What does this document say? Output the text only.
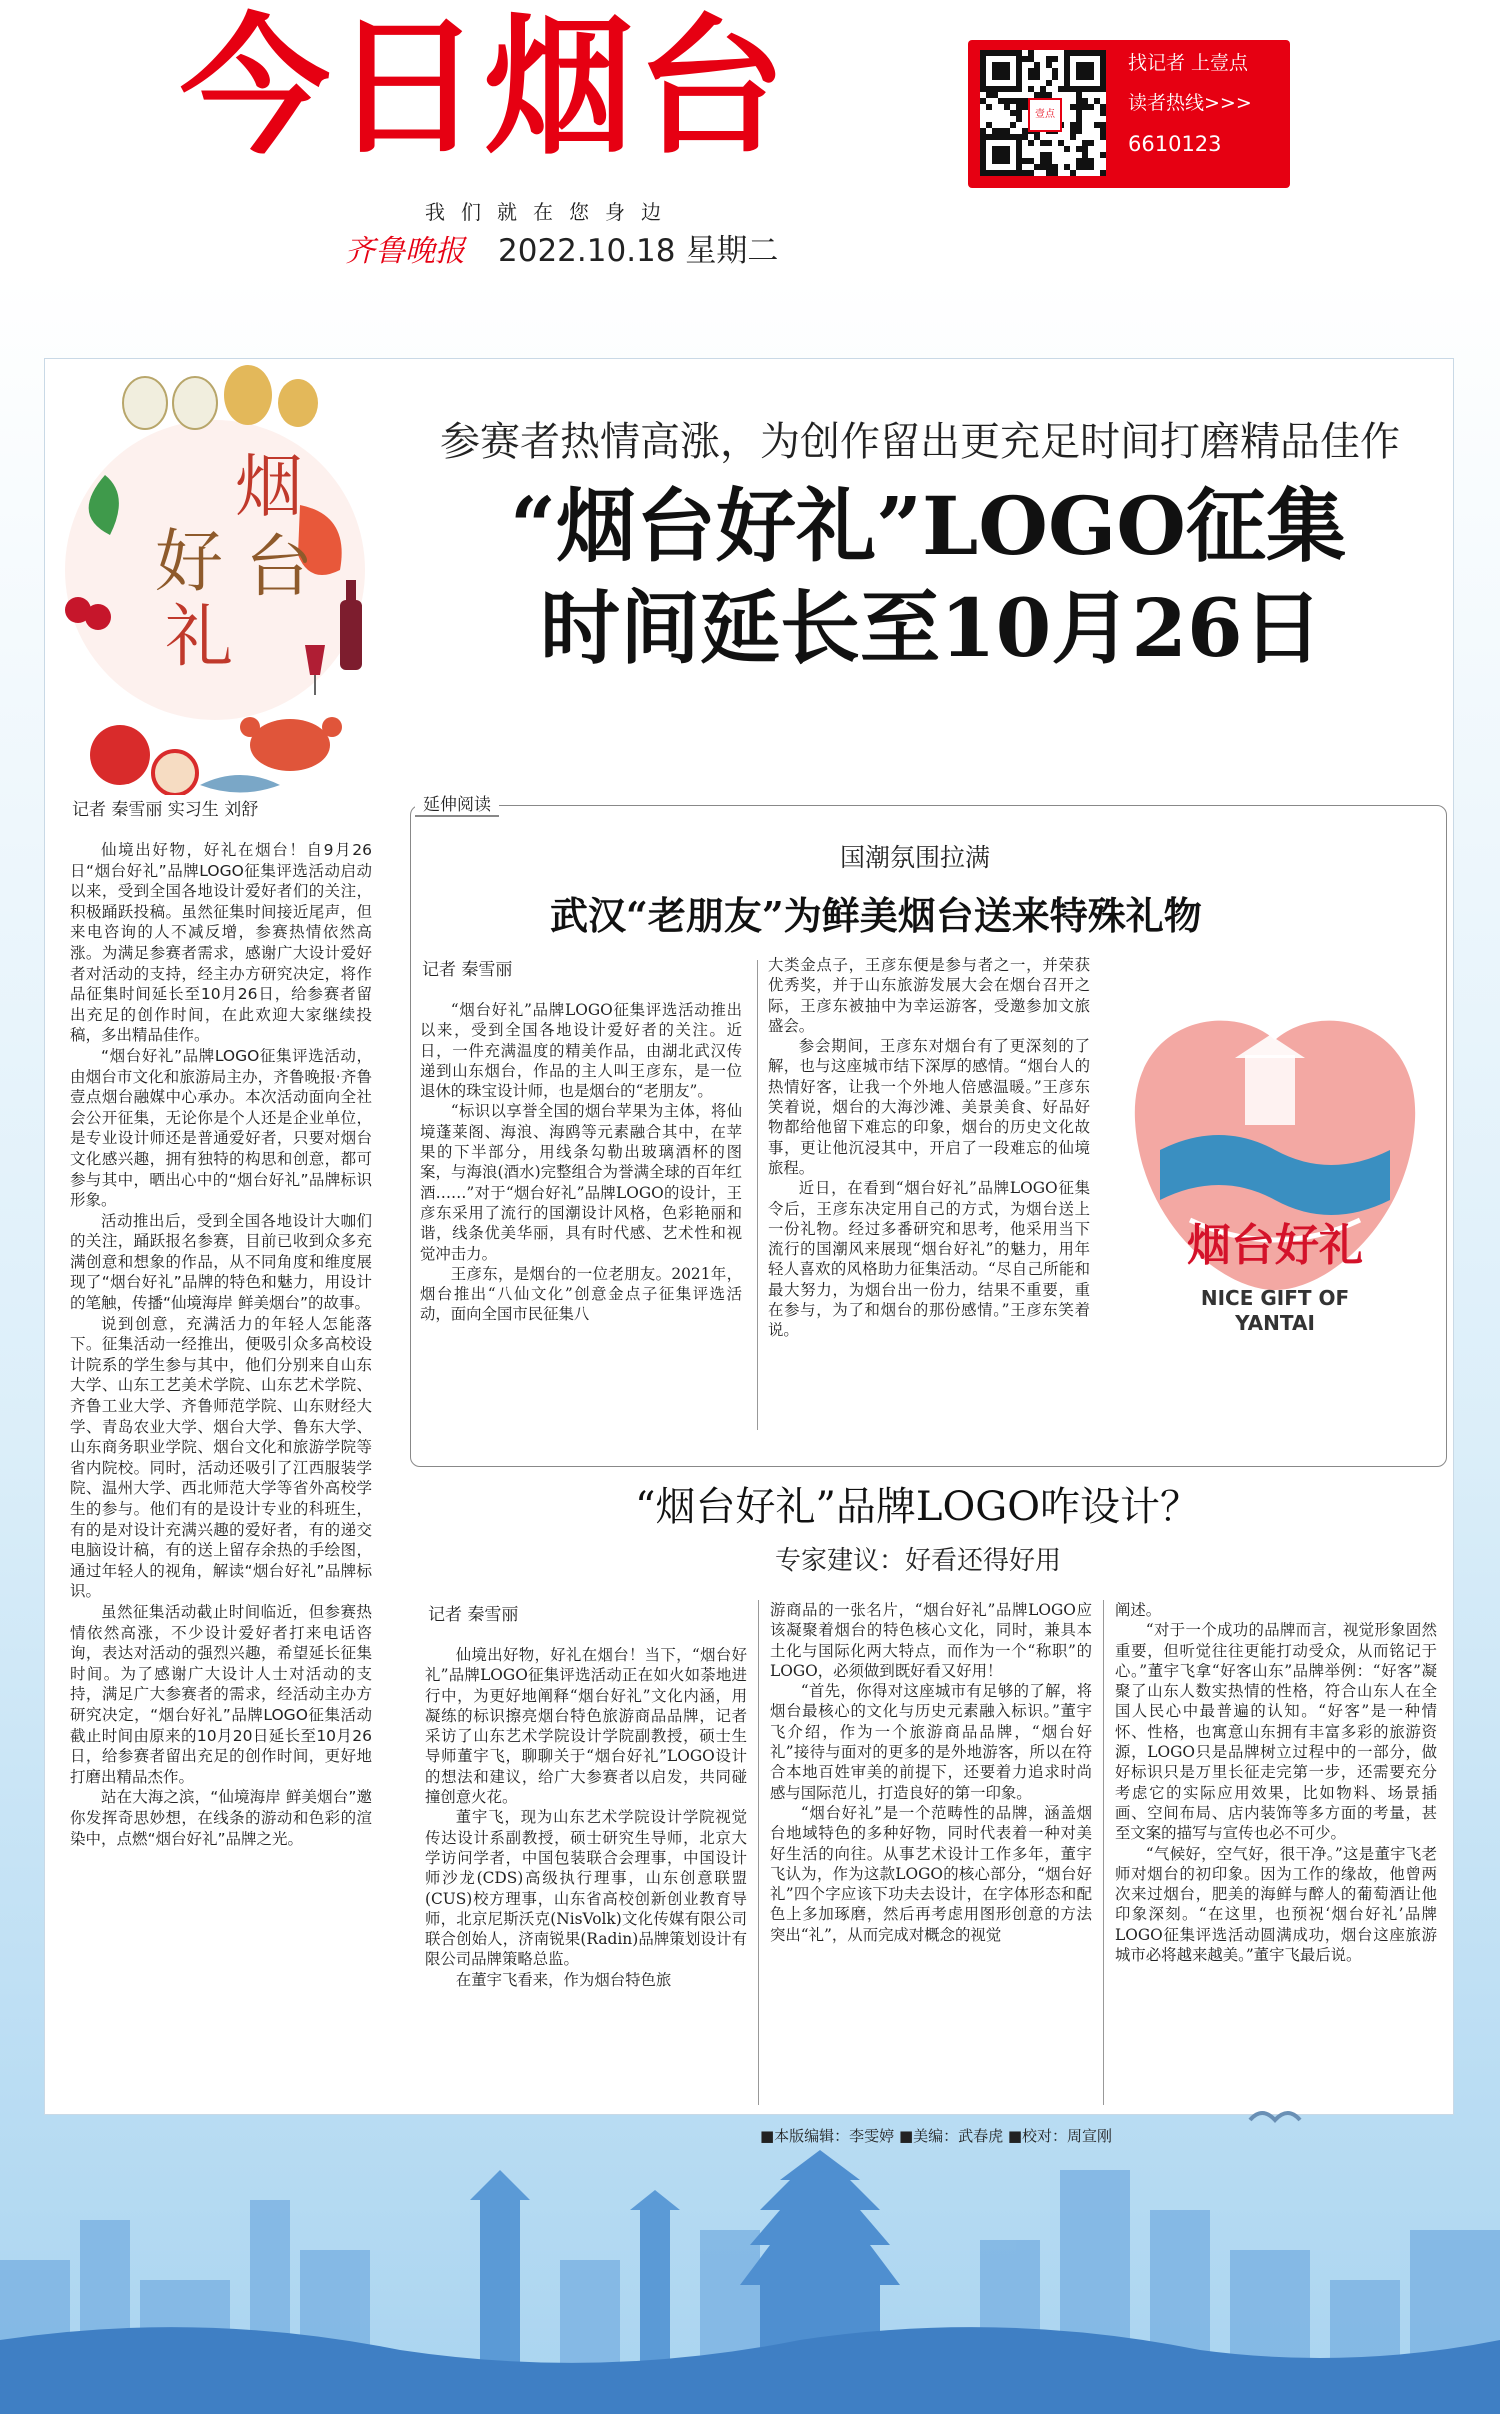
今日烟台
我们就在您身边
齐鲁晚报 2022.10.18 星期二
壹点
找记者 上壹点
读者热线>>>
6610123
烟
台
好
礼
参赛者热情高涨，为创作留出更充足时间打磨精品佳作
“烟台好礼”LOGO征集
时间延长至10月26日
记者 秦雪丽 实习生 刘舒

仙境出好物，好礼在烟台！自9月26日“烟台好礼”品牌LOGO征集评选活动启动以来，受到全国各地设计爱好者们的关注，积极踊跃投稿。虽然征集时间接近尾声，但来电咨询的人不减反增，参赛热情依然高涨。为满足参赛者需求，感谢广大设计爱好者对活动的支持，经主办方研究决定，将作品征集时间延长至10月26日，给参赛者留出充足的创作时间，在此欢迎大家继续投稿，多出精品佳作。

“烟台好礼”品牌LOGO征集评选活动，由烟台市文化和旅游局主办，齐鲁晚报·齐鲁壹点烟台融媒中心承办。本次活动面向全社会公开征集，无论你是个人还是企业单位，是专业设计师还是普通爱好者，只要对烟台文化感兴趣，拥有独特的构思和创意，都可参与其中，晒出心中的“烟台好礼”品牌标识形象。

活动推出后，受到全国各地设计大咖们的关注，踊跃报名参赛，目前已收到众多充满创意和想象的作品，从不同角度和维度展现了“烟台好礼”品牌的特色和魅力，用设计的笔触，传播“仙境海岸 鲜美烟台”的故事。

说到创意，充满活力的年轻人怎能落下。征集活动一经推出，便吸引众多高校设计院系的学生参与其中，他们分别来自山东大学、山东工艺美术学院、山东艺术学院、齐鲁工业大学、齐鲁师范学院、山东财经大学、青岛农业大学、烟台大学、鲁东大学、山东商务职业学院、烟台文化和旅游学院等省内院校。同时，活动还吸引了江西服装学院、温州大学、西北师范大学等省外高校学生的参与。他们有的是设计专业的科班生，有的是对设计充满兴趣的爱好者，有的递交电脑设计稿，有的送上留存余热的手绘图，通过年轻人的视角，解读“烟台好礼”品牌标识。

虽然征集活动截止时间临近，但参赛热情依然高涨，不少设计爱好者打来电话咨询，表达对活动的强烈兴趣，希望延长征集时间。为了感谢广大设计人士对活动的支持，满足广大参赛者的需求，经活动主办方研究决定，“烟台好礼”品牌LOGO征集活动截止时间由原来的10月20日延长至10月26日，给参赛者留出充足的创作时间，更好地打磨出精品杰作。

站在大海之滨，“仙境海岸 鲜美烟台”邀你发挥奇思妙想，在线条的游动和色彩的渲染中，点燃“烟台好礼”品牌之光。

延伸阅读
国潮氛围拉满
武汉“老朋友”为鲜美烟台送来特殊礼物
记者 秦雪丽

“烟台好礼”品牌LOGO征集评选活动推出以来，受到全国各地设计爱好者的关注。近日，一件充满温度的精美作品，由湖北武汉传递到山东烟台，作品的主人叫王彦东，是一位退休的珠宝设计师，也是烟台的“老朋友”。

“标识以享誉全国的烟台苹果为主体，将仙境蓬莱阁、海浪、海鸥等元素融合其中，在苹果的下半部分，用线条勾勒出玻璃酒杯的图案，与海浪(酒水)完整组合为誉满全球的百年红酒……”对于“烟台好礼”品牌LOGO的设计，王彦东采用了流行的国潮设计风格，色彩艳丽和谐，线条优美华丽，具有时代感、艺术性和视觉冲击力。

王彦东，是烟台的一位老朋友。2021年，烟台推出“八仙文化”创意金点子征集评选活动，面向全国市民征集八

大类金点子，王彦东便是参与者之一，并荣获优秀奖，并于山东旅游发展大会在烟台召开之际，王彦东被抽中为幸运游客，受邀参加文旅盛会。

参会期间，王彦东对烟台有了更深刻的了解，也与这座城市结下深厚的感情。“烟台人的热情好客，让我一个外地人倍感温暖。”王彦东笑着说，烟台的大海沙滩、美景美食、好品好物都给他留下难忘的印象，烟台的历史文化故事，更让他沉浸其中，开启了一段难忘的仙境旅程。

近日，在看到“烟台好礼”品牌LOGO征集令后，王彦东决定用自己的方式，为烟台送上一份礼物。经过多番研究和思考，他采用当下流行的国潮风来展现“烟台好礼”的魅力，用年轻人喜欢的风格助力征集活动。“尽自己所能和最大努力，为烟台出一份力，结果不重要，重在参与，为了和烟台的那份感情。”王彦东笑着说。

烟台好礼
NICE GIFT OF
YANTAI
“烟台好礼”品牌LOGO咋设计？
专家建议：好看还得好用
记者 秦雪丽

仙境出好物，好礼在烟台！当下，“烟台好礼”品牌LOGO征集评选活动正在如火如荼地进行中，为更好地阐释“烟台好礼”文化内涵，用凝练的标识擦亮烟台特色旅游商品品牌，记者采访了山东艺术学院设计学院副教授，硕士生导师董宇飞，聊聊关于“烟台好礼”LOGO设计的想法和建议，给广大参赛者以启发，共同碰撞创意火花。

董宇飞，现为山东艺术学院设计学院视觉传达设计系副教授，硕士研究生导师，北京大学访问学者，中国包装联合会理事，中国设计师沙龙(CDS)高级执行理事，山东创意联盟(CUS)校方理事，山东省高校创新创业教育导师，北京尼斯沃克(NisVolk)文化传媒有限公司联合创始人，济南锐果(Radin)品牌策划设计有限公司品牌策略总监。

在董宇飞看来，作为烟台特色旅

游商品的一张名片，“烟台好礼”品牌LOGO应该凝聚着烟台的特色核心文化，同时，兼具本土化与国际化两大特点，而作为一个“称职”的LOGO，必须做到既好看又好用！

“首先，你得对这座城市有足够的了解，将烟台最核心的文化与历史元素融入标识。”董宇飞介绍，作为一个旅游商品品牌，“烟台好礼”接待与面对的更多的是外地游客，所以在符合本地百姓审美的前提下，还要着力追求时尚感与国际范儿，打造良好的第一印象。

“烟台好礼”是一个范畴性的品牌，涵盖烟台地域特色的多种好物，同时代表着一种对美好生活的向往。从事艺术设计工作多年，董宇飞认为，作为这款LOGO的核心部分，“烟台好礼”四个字应该下功夫去设计，在字体形态和配色上多加琢磨，然后再考虑用图形创意的方法突出“礼”，从而完成对概念的视觉

阐述。

“对于一个成功的品牌而言，视觉形象固然重要，但听觉往往更能打动受众，从而铭记于心。”董宇飞拿“好客山东”品牌举例：“好客”凝聚了山东人数实热情的性格，符合山东人在全国人民心中最普遍的认知。“好客”是一种情怀、性格，也寓意山东拥有丰富多彩的旅游资源，LOGO只是品牌树立过程中的一部分，做好标识只是万里长征走完第一步，还需要充分考虑它的实际应用效果，比如物料、场景插画、空间布局、店内装饰等多方面的考量，甚至文案的描写与宣传也必不可少。

“气候好，空气好，很干净。”这是董宇飞老师对烟台的初印象。因为工作的缘故，他曾两次来过烟台，肥美的海鲜与醉人的葡萄酒让他印象深刻。“在这里，也预祝‘烟台好礼’品牌LOGO征集评选活动圆满成功，烟台这座旅游城市必将越来越美。”董宇飞最后说。

■本版编辑：李雯婷 ■美编：武春虎 ■校对：周宣刚
